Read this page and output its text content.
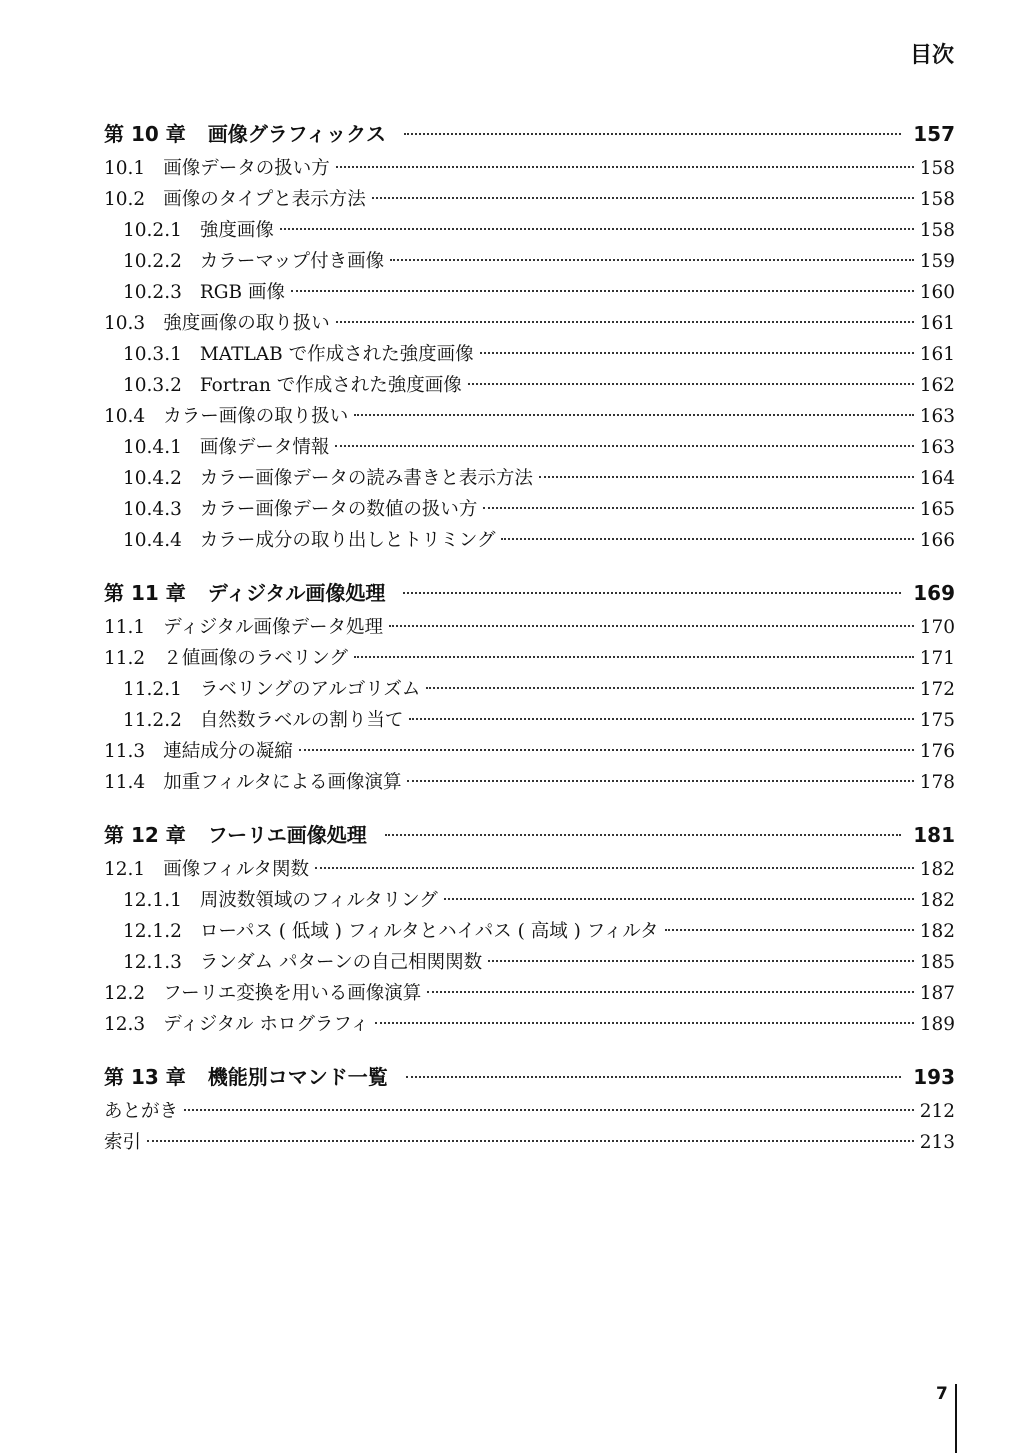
目次
第 10 章 画像グラフィックス	157
10.1 画像データの扱い方	158
10.2 画像のタイプと表示方法	158
10.2.1 強度画像	158
10.2.2 カラーマップ付き画像	159
10.2.3 RGB 画像	160
10.3 強度画像の取り扱い	161
10.3.1 MATLAB で作成された強度画像	161
10.3.2 Fortran で作成された強度画像	162
10.4 カラー画像の取り扱い	163
10.4.1 画像データ情報	163
10.4.2 カラー画像データの読み書きと表示方法	164
10.4.3 カラー画像データの数値の扱い方	165
10.4.4 カラー成分の取り出しとトリミング	166
第 11 章 ディジタル画像処理	169
11.1 ディジタル画像データ処理	170
11.2 ２値画像のラベリング	171
11.2.1 ラベリングのアルゴリズム	172
11.2.2 自然数ラベルの割り当て	175
11.3 連結成分の凝縮	176
11.4 加重フィルタによる画像演算	178
第 12 章 フーリエ画像処理	181
12.1 画像フィルタ関数	182
12.1.1 周波数領域のフィルタリング	182
12.1.2 ローパス ( 低域 ) フィルタとハイパス ( 高域 ) フィルタ	182
12.1.3 ランダム パターンの自己相関関数	185
12.2 フーリエ変換を用いる画像演算	187
12.3 ディジタル ホログラフィ	189
第 13 章 機能別コマンド一覧	193
あとがき	212
索引	213
7
